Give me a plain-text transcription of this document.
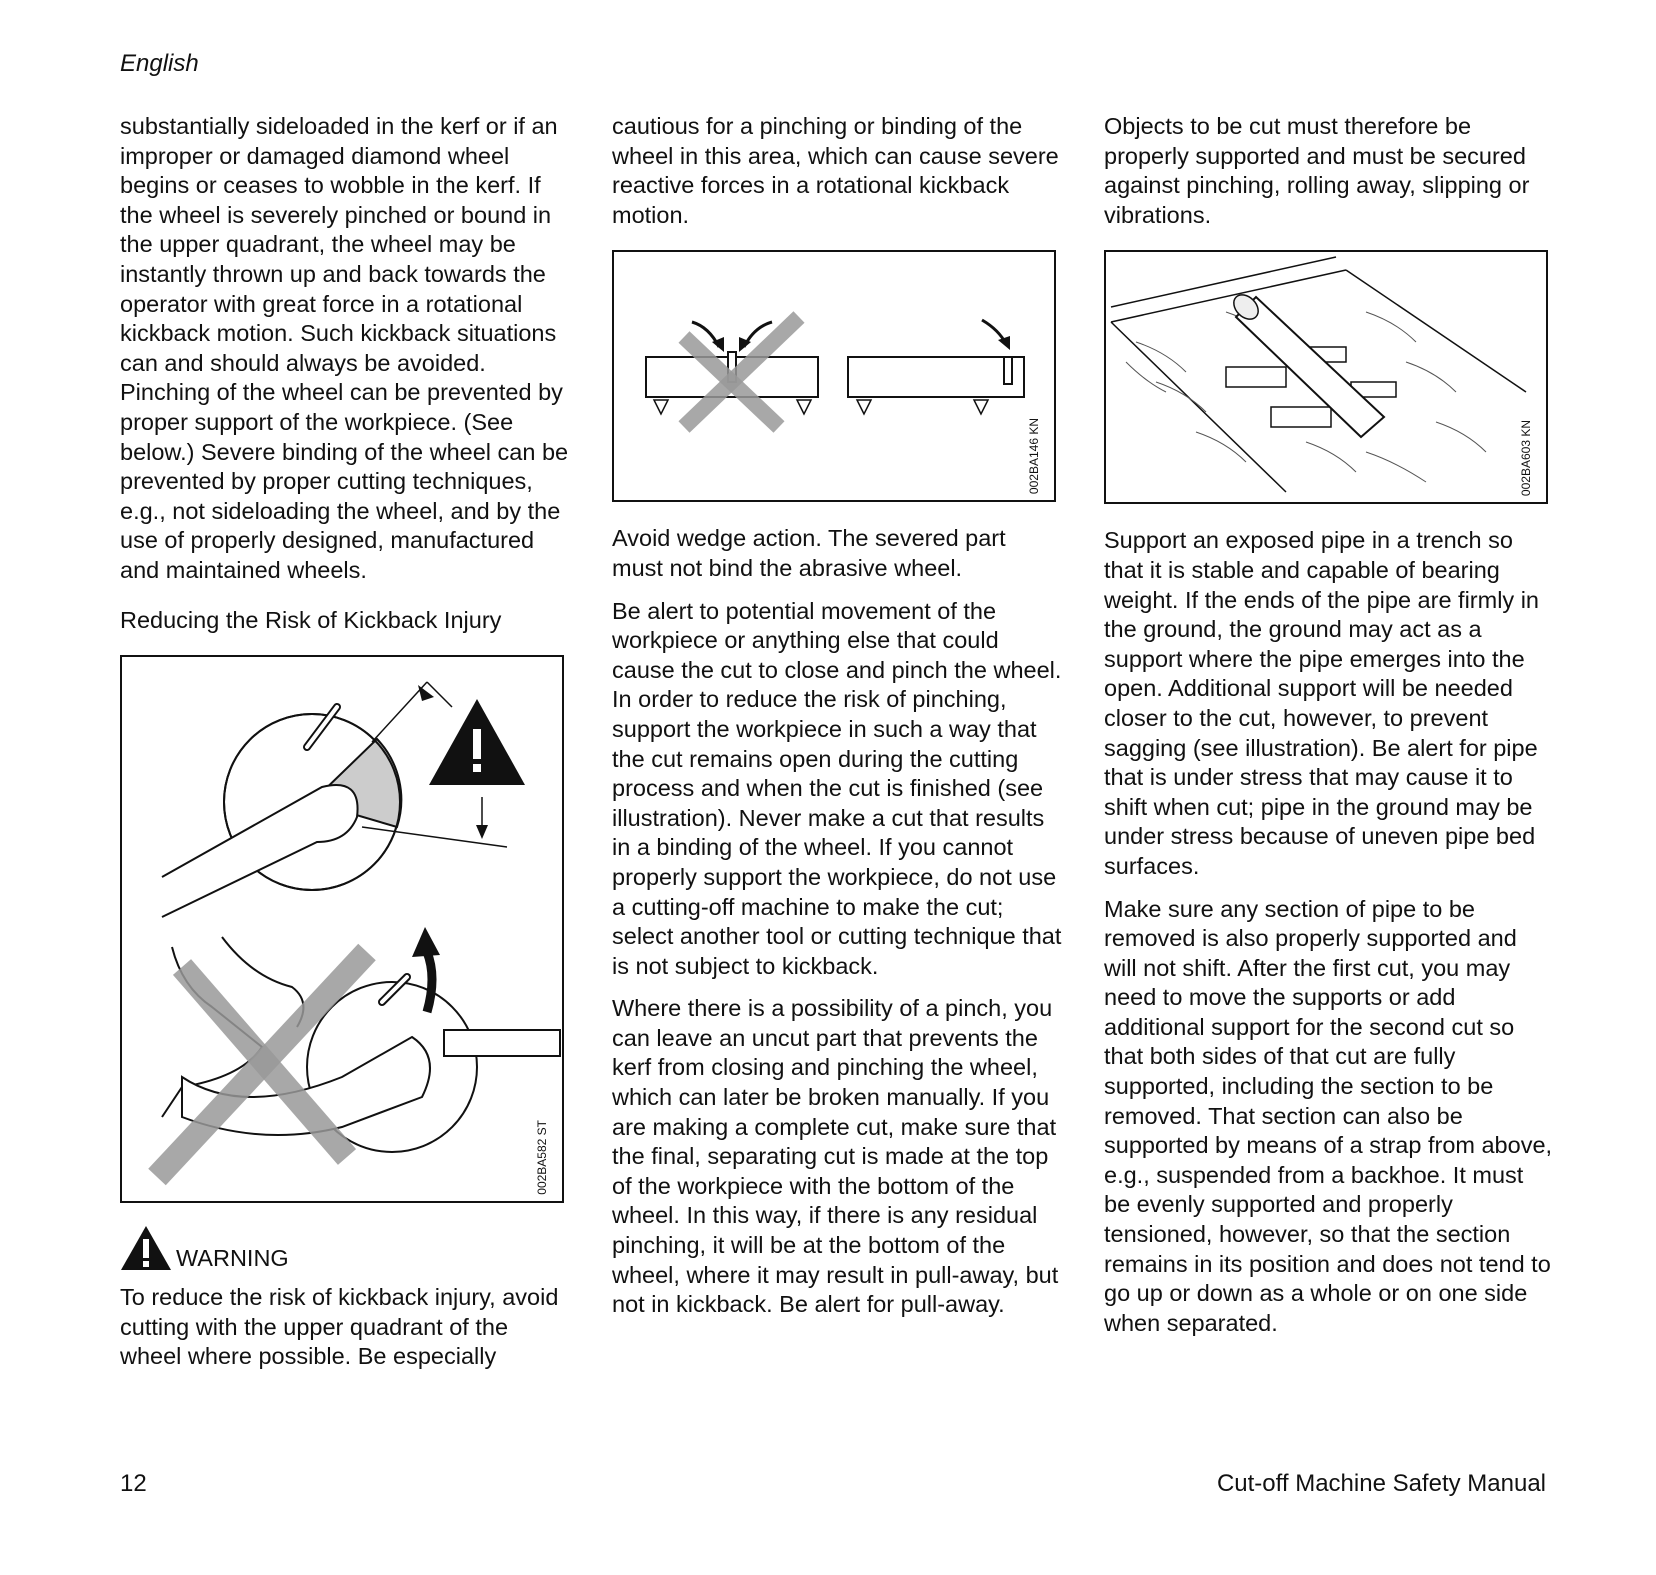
English

substantially sideloaded in the kerf or if an improper or damaged diamond wheel begins or ceases to wobble in the kerf. If the wheel is severely pinched or bound in the upper quadrant, the wheel may be instantly thrown up and back towards the operator with great force in a rotational kickback motion. Such kickback situations can and should always be avoided. Pinching of the wheel can be prevented by proper support of the workpiece. (See below.) Severe binding of the wheel can be prevented by proper cutting techniques, e.g., not sideloading the wheel, and by the use of properly designed, manufactured and maintained wheels.

Reducing the Risk of Kickback Injury
002BA582 ST
WARNING

To reduce the risk of kickback injury, avoid cutting with the upper quadrant of the wheel where possible. Be especially

cautious for a pinching or binding of the wheel in this area, which can cause severe reactive forces in a rotational kickback motion.

002BA146 KN

Avoid wedge action. The severed part must not bind the abrasive wheel.

Be alert to potential movement of the workpiece or anything else that could cause the cut to close and pinch the wheel. In order to reduce the risk of pinching, support the workpiece in such a way that the cut remains open during the cutting process and when the cut is finished (see illustration). Never make a cut that results in a binding of the wheel. If you cannot properly support the workpiece, do not use a cutting-off machine to make the cut; select another tool or cutting technique that is not subject to kickback.

Where there is a possibility of a pinch, you can leave an uncut part that prevents the kerf from closing and pinching the wheel, which can later be broken manually. If you are making a complete cut, make sure that the final, separating cut is made at the top of the workpiece with the bottom of the wheel. In this way, if there is any residual pinching, it will be at the bottom of the wheel, where it may result in pull-away, but not in kickback. Be alert for pull-away.

Objects to be cut must therefore be properly supported and must be secured against pinching, rolling away, slipping or vibrations.

002BA603 KN

Support an exposed pipe in a trench so that it is stable and capable of bearing weight. If the ends of the pipe are firmly in the ground, the ground may act as a support where the pipe emerges into the open. Additional support will be needed closer to the cut, however, to prevent sagging (see illustration). Be alert for pipe that is under stress that may cause it to shift when cut; pipe in the ground may be under stress because of uneven pipe bed surfaces.

Make sure any section of pipe to be removed is also properly supported and will not shift. After the first cut, you may need to move the supports or add additional support for the second cut so that both sides of that cut are fully supported, including the section to be removed. That section can also be supported by means of a strap from above, e.g., suspended from a backhoe. It must be evenly supported and properly tensioned, however, so that the section remains in its position and does not tend to go up or down as a whole or on one side when separated.

12	Cut-off Machine Safety Manual
